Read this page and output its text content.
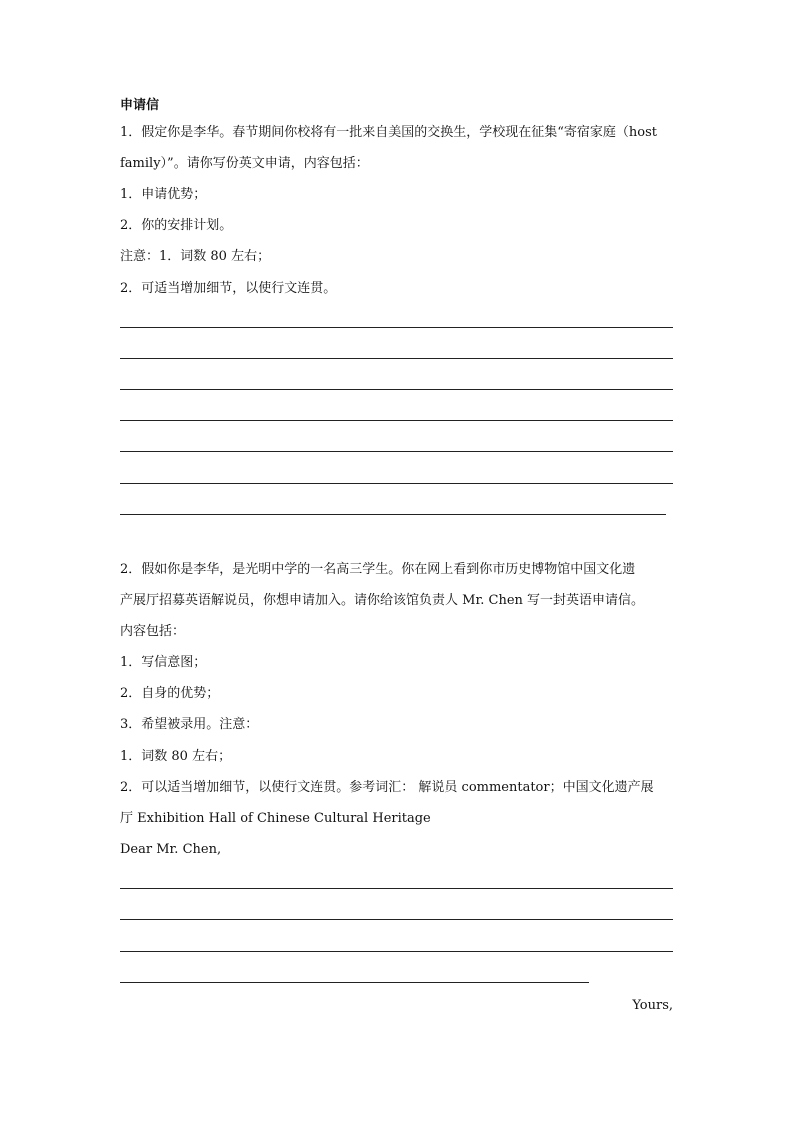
申请信
1．假定你是李华。春节期间你校将有一批来自美国的交换生，学校现在征集“寄宿家庭（host
family）”。请你写份英文申请，内容包括：
1．申请优势；
2．你的安排计划。
注意：1．词数 80 左右；
2．可适当增加细节，以使行文连贯。
2．假如你是李华，是光明中学的一名高三学生。你在网上看到你市历史博物馆中国文化遗
产展厅招募英语解说员，你想申请加入。请你给该馆负责人 Mr. Chen 写一封英语申请信。
内容包括：
1．写信意图；
2．自身的优势；
3．希望被录用。注意：
1．词数 80 左右；
2．可以适当增加细节，以使行文连贯。参考词汇： 解说员 commentator；中国文化遗产展
厅 Exhibition Hall of Chinese Cultural Heritage
Dear Mr. Chen,
Yours,
